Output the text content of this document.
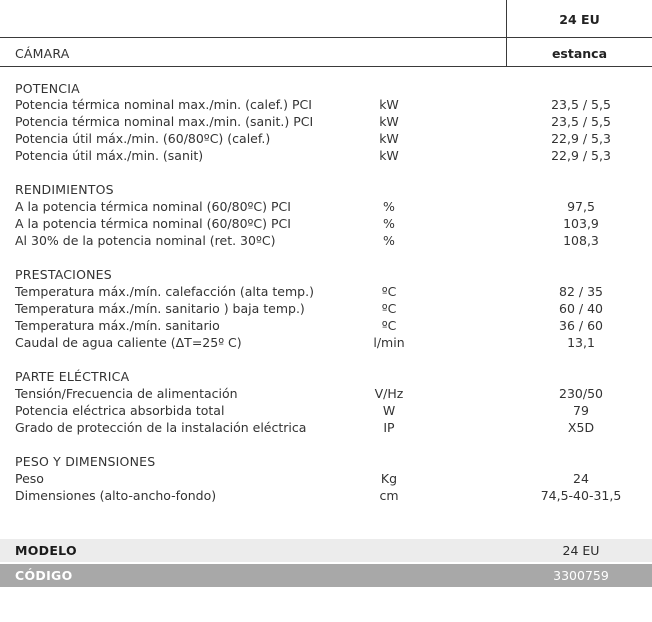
24 EU
CÁMARA	estanca
POTENCIA
Potencia térmica nominal max./min. (calef.) PCI	kW	23,5 / 5,5
Potencia térmica nominal max./min. (sanit.) PCI	kW	23,5 / 5,5
Potencia útil máx./min. (60/80ºC) (calef.)	kW	22,9 / 5,3
Potencia útil máx./min. (sanit)	kW	22,9 / 5,3
RENDIMIENTOS
A la potencia térmica nominal (60/80ºC) PCI	%	97,5
A la potencia térmica nominal (60/80ºC) PCI	%	103,9
Al 30% de la potencia nominal (ret. 30ºC)	%	108,3
PRESTACIONES
Temperatura máx./mín. calefacción (alta temp.)	ºC	82 / 35
Temperatura máx./mín. sanitario ) baja temp.)	ºC	60 / 40
Temperatura máx./mín. sanitario	ºC	36 / 60
Caudal de agua caliente (ΔT=25º C)	l/min	13,1
PARTE ELÉCTRICA
Tensión/Frecuencia de alimentación	V/Hz	230/50
Potencia eléctrica absorbida total	W	79
Grado de protección de la instalación eléctrica	IP	X5D
PESO Y DIMENSIONES
Peso	Kg	24
Dimensiones (alto-ancho-fondo)	cm	74,5-40-31,5
MODELO	24 EU
CÓDIGO	3300759
